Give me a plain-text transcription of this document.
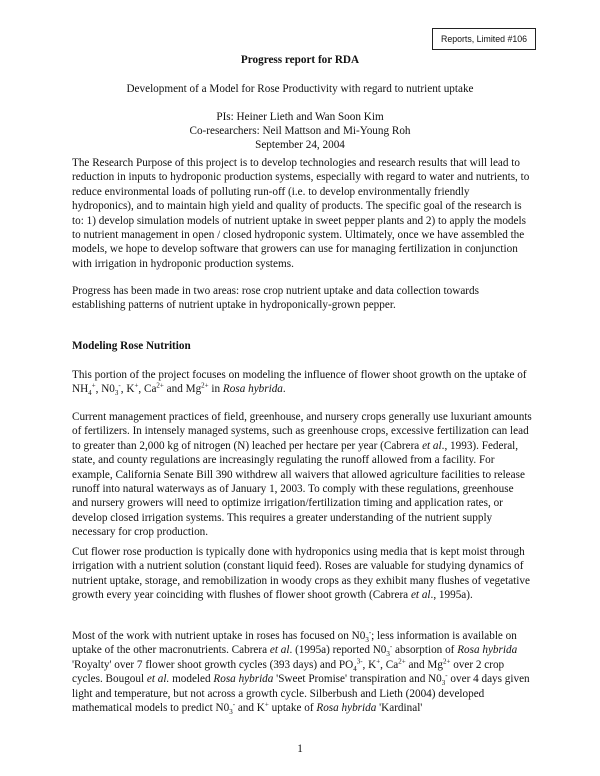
Reports, Limited #106
Progress report for RDA
Development of a Model for Rose Productivity with regard to nutrient uptake
PIs: Heiner Lieth and Wan Soon Kim
Co-researchers: Neil Mattson and Mi-Young Roh
September 24, 2004

The Research Purpose of this project is to develop technologies and research results that will lead to reduction in inputs to hydroponic production systems, especially with regard to water and nutrients, to reduce environmental loads of polluting run-off (i.e. to develop environmentally friendly hydroponics), and to maintain high yield and quality of products. The specific goal of the research is to: 1) develop simulation models of nutrient uptake in sweet pepper plants and 2) to apply the models to nutrient management in open / closed hydroponic system. Ultimately, once we have assembled the models, we hope to develop software that growers can use for managing fertilization in conjunction with irrigation in hydroponic production systems.

Progress has been made in two areas: rose crop nutrient uptake and data collection towards establishing patterns of nutrient uptake in hydroponically-grown pepper.

Modeling Rose Nutrition

This portion of the project focuses on modeling the influence of flower shoot growth on the uptake of $NH_4^+$, $N0_3^-$, K+, $Ca^{2+}$ and $Mg^{2+}$ in Rosa hybrida.

Current management practices of field, greenhouse, and nursery crops generally use luxuriant amounts of fertilizers. In intensely managed systems, such as greenhouse crops, excessive fertilization can lead to greater than 2,000 kg of nitrogen (N) leached per hectare per year (Cabrera et al., 1993). Federal, state, and county regulations are increasingly regulating the runoff allowed from a facility. For example, California Senate Bill 390 withdrew all waivers that allowed agriculture facilities to release runoff into natural waterways as of January 1, 2003. To comply with these regulations, greenhouse and nursery growers will need to optimize irrigation/fertilization timing and application rates, or develop closed irrigation systems. This requires a greater understanding of the nutrient supply necessary for crop production.

Cut flower rose production is typically done with hydroponics using media that is kept moist through irrigation with a nutrient solution (constant liquid feed). Roses are valuable for studying dynamics of nutrient uptake, storage, and remobilization in woody crops as they exhibit many flushes of vegetative growth every year coinciding with flushes of flower shoot growth (Cabrera et al., 1995a).

Most of the work with nutrient uptake in roses has focused on $N0_3^-$; less information is available on uptake of the other macronutrients. Cabrera et al. (1995a) reported $N0_3^-$ absorption of Rosa hybrida 'Royalty' over 7 flower shoot growth cycles (393 days) and $PO_4^{3-}$, K+, $Ca^{2+}$ and $Mg^{2+}$ over 2 crop cycles. Bougoul et al. modeled Rosa hybrida 'Sweet Promise' transpiration and $N0_3^-$ over 4 days given light and temperature, but not across a growth cycle. Silberbush and Lieth (2004) developed mathematical models to predict $N0_3^-$ and K+ uptake of Rosa hybrida 'Kardinal'

1
